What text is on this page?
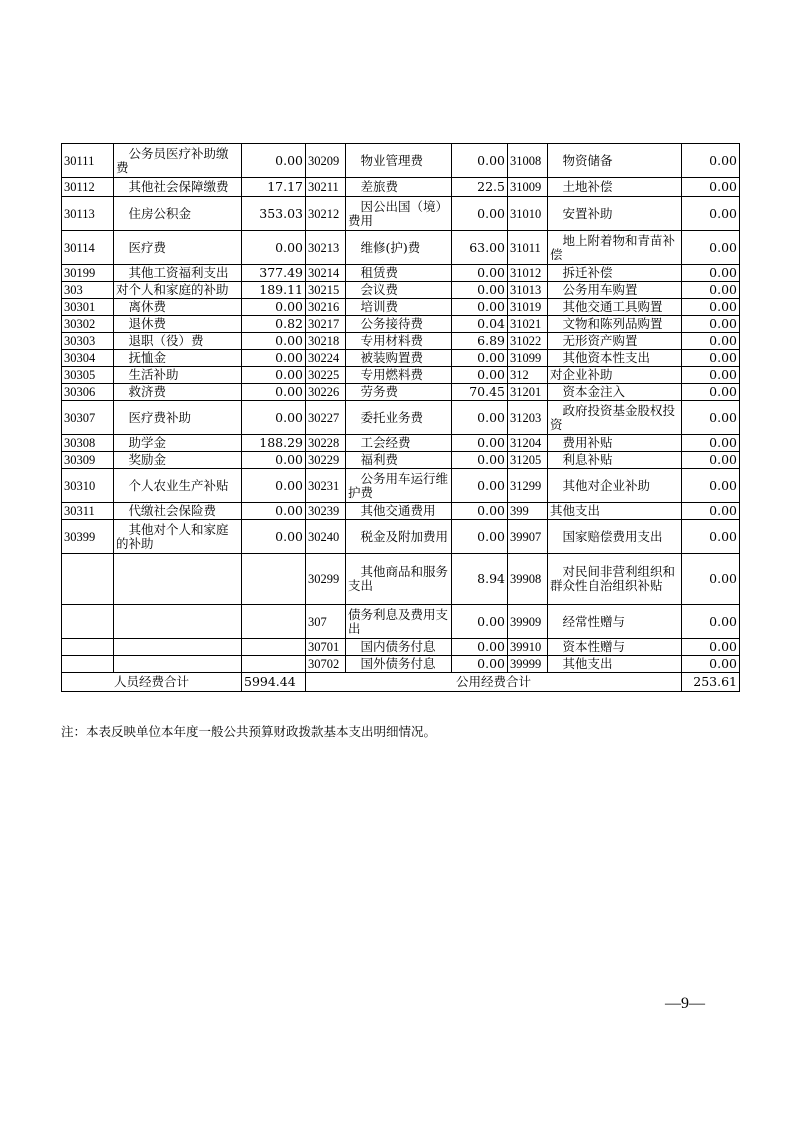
30111	公务员医疗补助缴费	0.00	30209	物业管理费	0.00	31008	物资储备	0.00
30112	其他社会保障缴费	17.17	30211	差旅费	22.5	31009	土地补偿	0.00
30113	住房公积金	353.03	30212	因公出国（境）费用	0.00	31010	安置补助	0.00
30114	医疗费	0.00	30213	维修(护)费	63.00	31011	地上附着物和青苗补偿	0.00
30199	其他工资福利支出	377.49	30214	租赁费	0.00	31012	拆迁补偿	0.00
303	对个人和家庭的补助	189.11	30215	会议费	0.00	31013	公务用车购置	0.00
30301	离休费	0.00	30216	培训费	0.00	31019	其他交通工具购置	0.00
30302	退休费	0.82	30217	公务接待费	0.04	31021	文物和陈列品购置	0.00
30303	退职（役）费	0.00	30218	专用材料费	6.89	31022	无形资产购置	0.00
30304	抚恤金	0.00	30224	被装购置费	0.00	31099	其他资本性支出	0.00
30305	生活补助	0.00	30225	专用燃料费	0.00	312	对企业补助	0.00
30306	救济费	0.00	30226	劳务费	70.45	31201	资本金注入	0.00
30307	医疗费补助	0.00	30227	委托业务费	0.00	31203	政府投资基金股权投资	0.00
30308	助学金	188.29	30228	工会经费	0.00	31204	费用补贴	0.00
30309	奖励金	0.00	30229	福利费	0.00	31205	利息补贴	0.00
30310	个人农业生产补贴	0.00	30231	公务用车运行维护费	0.00	31299	其他对企业补助	0.00
30311	代缴社会保险费	0.00	30239	其他交通费用	0.00	399	其他支出	0.00
30399	其他对个人和家庭的补助	0.00	30240	税金及附加费用	0.00	39907	国家赔偿费用支出	0.00
			30299	其他商品和服务支出	8.94	39908	对民间非营利组织和群众性自治组织补贴	0.00
			307	债务利息及费用支出	0.00	39909	经常性赠与	0.00
			30701	国内债务付息	0.00	39910	资本性赠与	0.00
			30702	国外债务付息	0.00	39999	其他支出	0.00
人员经费合计		5994.44	公用经费合计					253.61
注：本表反映单位本年度一般公共预算财政拨款基本支出明细情况。
—9—
